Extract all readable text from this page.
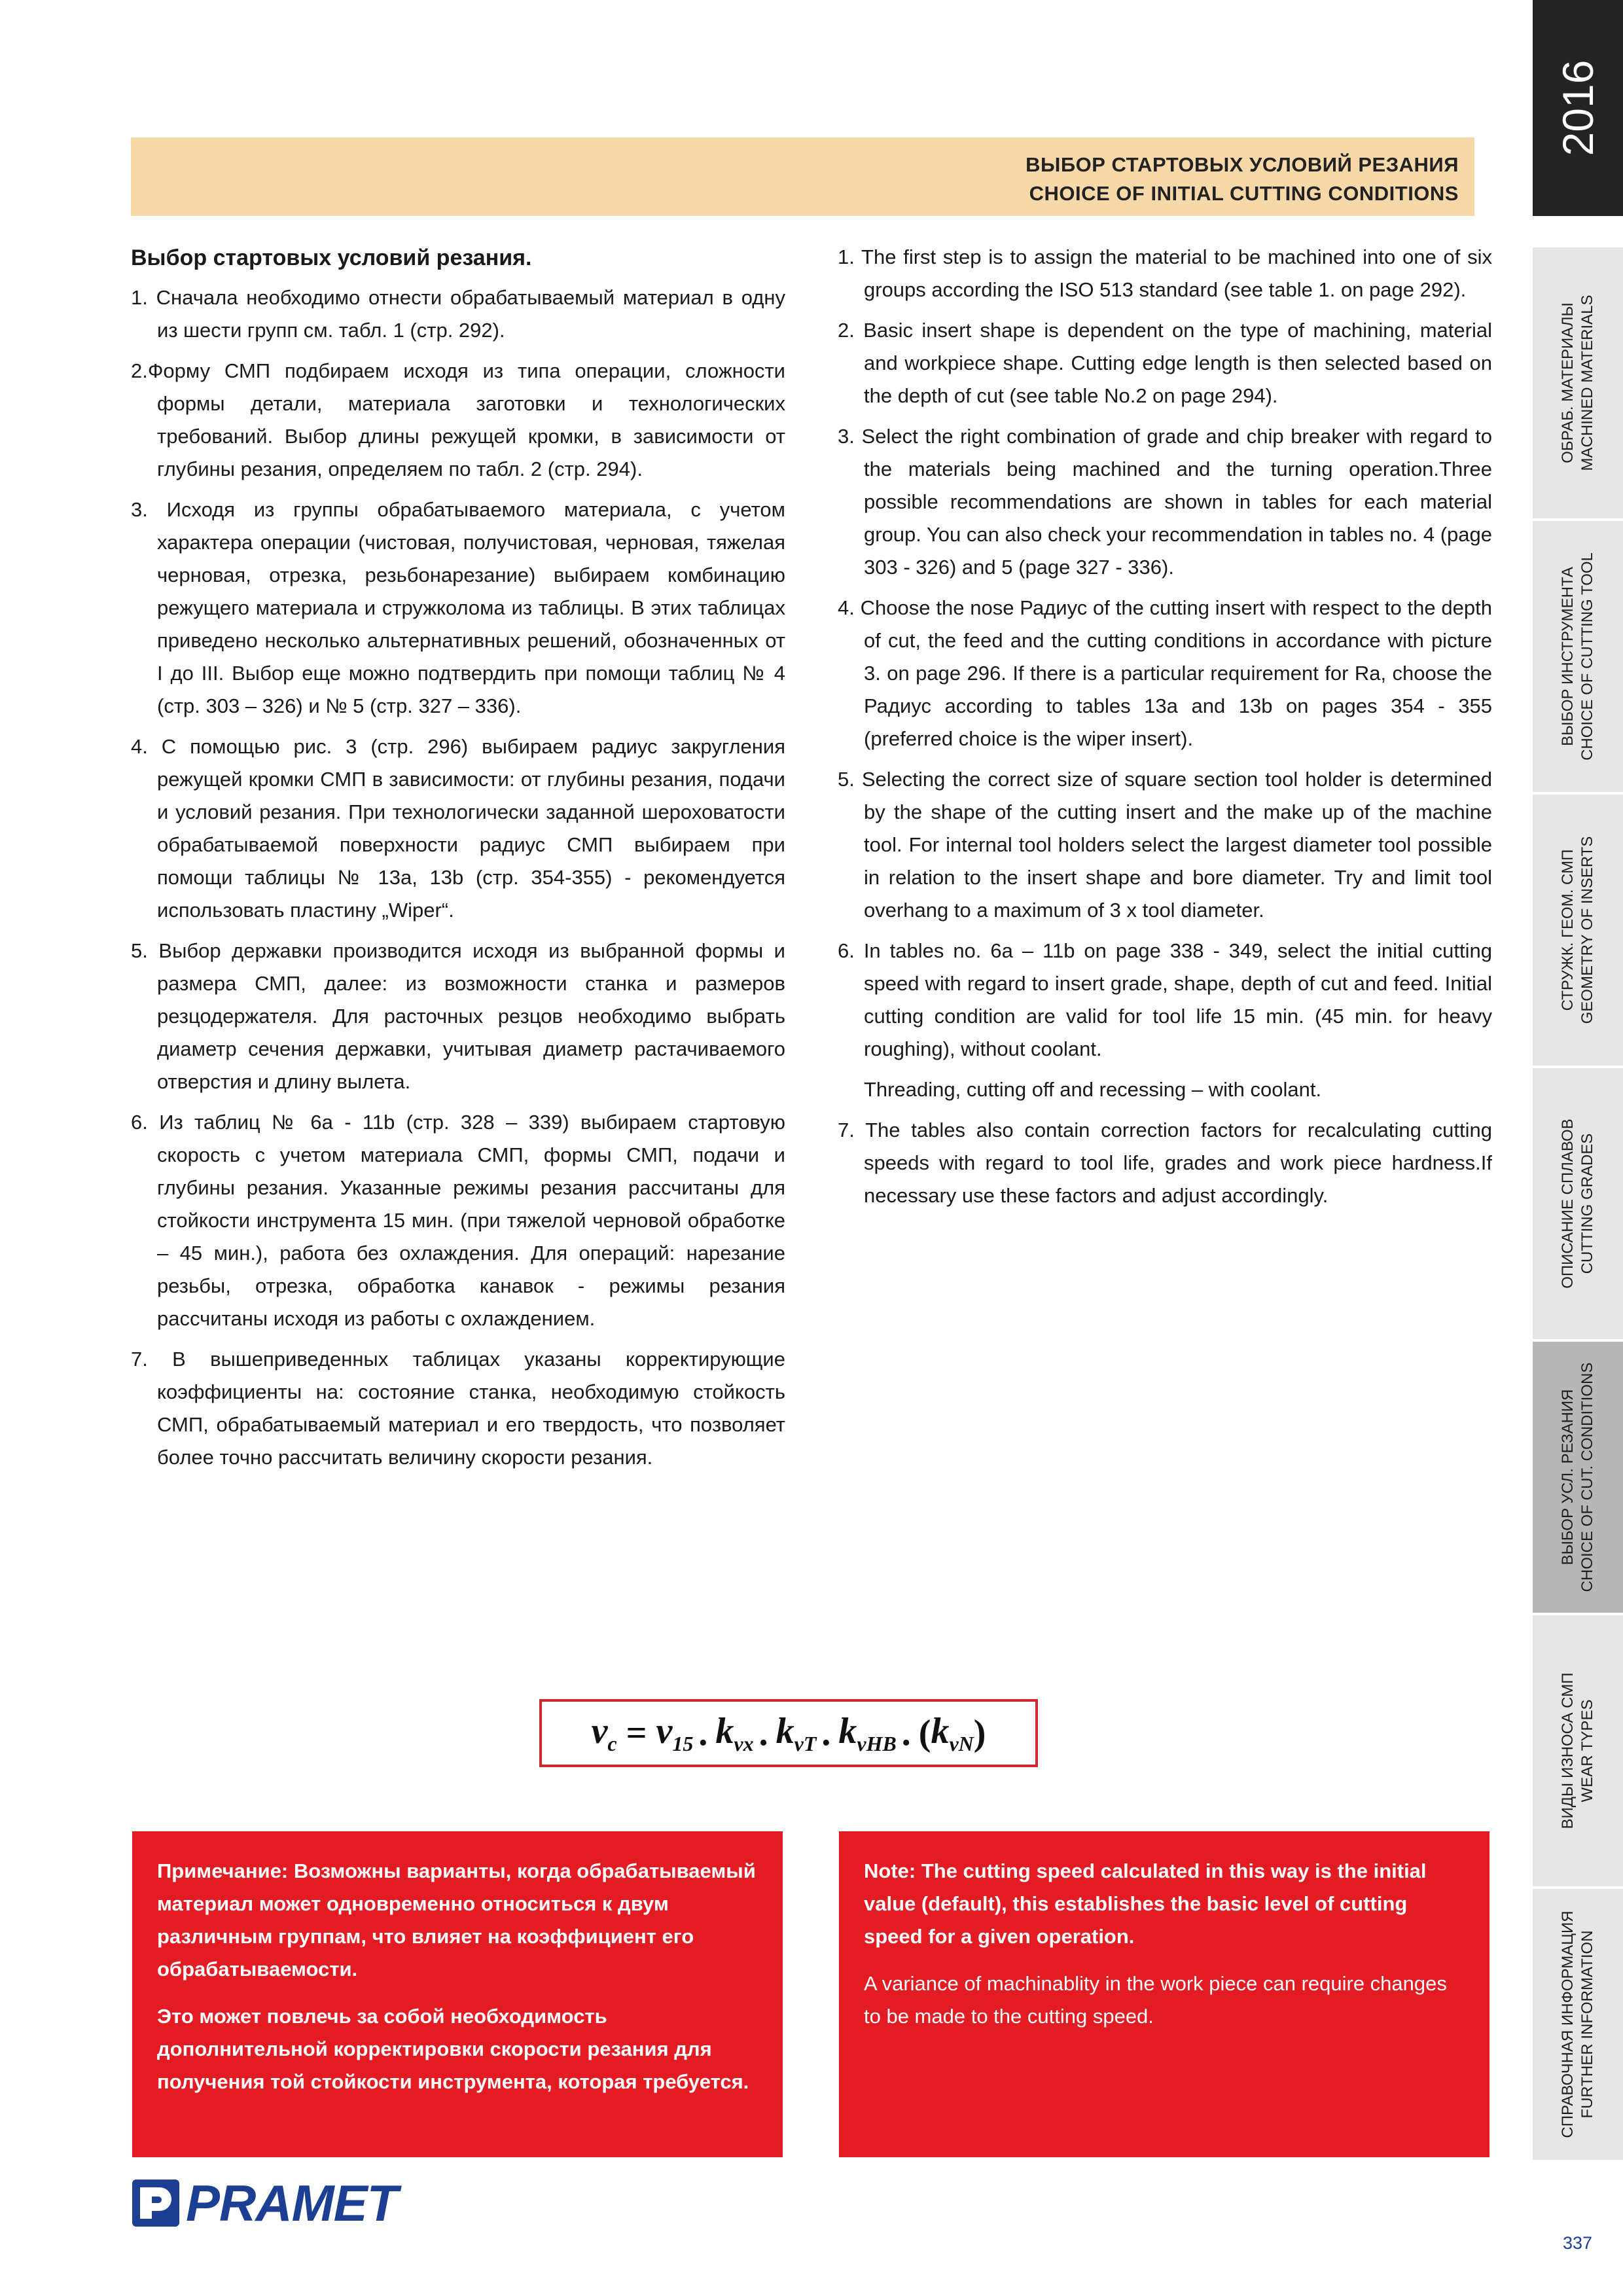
ВЫБОР СТАРТОВЫХ УСЛОВИЙ РЕЗАНИЯ
CHOICE OF INITIAL CUTTING CONDITIONS
2016
ОБРАБ. МАТЕРИАЛЫ MACHINED MATERIALS
ВЫБОР ИНСТРУМЕНТА CHOICE OF CUTTING TOOL
СТРУЖК. ГЕОМ. СМП GEOMETRY OF INSERTS
ОПИСАНИЕ СПЛАВОВ CUTTING GRADES
ВЫБОР УСЛ. РЕЗАНИЯ CHOICE OF CUT. CONDITIONS
ВИДЫ ИЗНОСА СМП WEAR TYPES
СПРАВОЧНАЯ ИНФОРМАЦИЯ FURTHER INFORMATION
Выбор стартовых условий резания.
1. Сначала необходимо отнести обрабатываемый материал в одну из шести групп см. табл. 1 (стр. 292).
2.Форму СМП подбираем исходя из типа операции, сложности формы детали, материала заготовки и технологических требований. Выбор длины режущей кромки, в зависимости от глубины резания, определяем по табл. 2 (стр. 294).
3. Исходя из группы обрабатываемого материала, с учетом характера операции (чистовая, получистовая, черновая, тяжелая черновая, отрезка, резьбонарезание) выбираем комбинацию режущего материала и стружколома из таблицы. В этих таблицах приведено несколько альтернативных решений, обозначенных от I до III. Выбор еще можно подтвердить при помощи таблиц № 4 (стр. 303 – 326) и № 5 (стр. 327 – 336).
4. С помощью рис. 3 (стр. 296) выбираем радиус закругления режущей кромки СМП в зависимости: от глубины резания, подачи и условий резания. При технологически заданной шероховатости обрабатываемой поверхности радиус СМП выбираем при помощи таблицы № 13a, 13b (стр. 354-355) - рекомендуется использовать пластину „Wiper“.
5. Выбор державки производится исходя из выбранной формы и размера СМП, далее: из возможности станка и размеров резцодержателя. Для расточных резцов необходимо выбрать диаметр сечения державки, учитывая диаметр растачиваемого отверстия и длину вылета.
6. Из таблиц № 6a - 11b (стр. 328 – 339) выбираем стартовую скорость с учетом материала СМП, формы СМП, подачи и глубины резания. Указанные режимы резания рассчитаны для стойкости инструмента 15 мин. (при тяжелой черновой обработке – 45 мин.), работа без охлаждения. Для операций: нарезание резьбы, отрезка, обработка канавок - режимы резания рассчитаны исходя из работы с охлаждением.
7. В вышеприведенных таблицах указаны корректирующие коэффициенты на: состояние станка, необходимую стойкость СМП, обрабатываемый материал и его твердость, что позволяет более точно рассчитать величину скорости резания.
1. The first step is to assign the material to be machined into one of six groups according the ISO 513 standard (see table 1. on page 292).
2. Basic insert shape is dependent on the type of machining, material and workpiece shape. Cutting edge length is then selected based on the depth of cut (see table No.2 on page 294).
3. Select the right combination of grade and chip breaker with regard to the materials being machined and the turning operation.Three possible recommendations are shown in tables for each material group. You can also check your recommendation in tables no. 4 (page 303 - 326) and 5 (page 327 - 336).
4. Choose the nose Радиус of the cutting insert with respect to the depth of cut, the feed and the cutting conditions in accordance with picture 3. on page 296. If there is a particular requirement for Ra, choose the Радиус according to tables 13a and 13b on pages 354 - 355 (preferred choice is the wiper insert).
5. Selecting the correct size of square section tool holder is determined by the shape of the cutting insert and the make up of the machine tool. For internal tool holders select the largest diameter tool possible in relation to the insert shape and bore diameter. Try and limit tool overhang to a maximum of 3 x tool diameter.
6. In tables no. 6a – 11b on page 338 - 349, select the initial cutting speed with regard to insert grade, shape, depth of cut and feed. Initial cutting condition are valid for tool life 15 min. (45 min. for heavy roughing), without coolant.
Threading, cutting off and recessing – with coolant.
7. The tables also contain correction factors for recalculating cutting speeds with regard to tool life, grades and work piece hardness.If necessary use these factors and adjust accordingly.
$v_c = v_{15}$ . $k_{vx}$ . $k_{vT}$ . $k_{vHB}$ . ( $k_{vN}$ )

Примечание: Возможны варианты, когда обрабатываемый материал может одновременно относиться к двум различным группам, что влияет на коэффициент его обрабатываемости.

Это может повлечь за собой необходимость дополнительной корректировки скорости резания для получения той стойкости инструмента, которая требуется.

Note: The cutting speed calculated in this way is the initial value (default), this establishes the basic level of cutting speed for a given operation.

A variance of machinablity in the work piece can require changes to be made to the cutting speed.

PRAMET
337
